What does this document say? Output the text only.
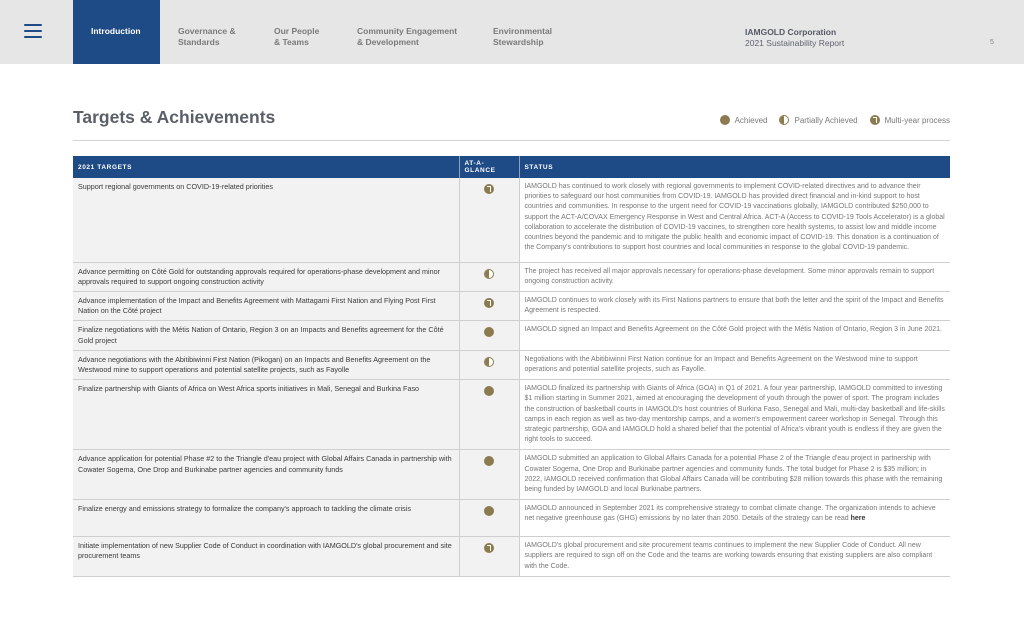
Introduction	Governance &
Standards
Our People
& Teams
Community Engagement
& Development
Environmental
Stewardship
IAMGOLD Corporation
2021 Sustainability Report	5
Targets & Achievements	Achieved	Partially Achieved	Multi-year process
2021 TARGETS	AT-A-GLANCE	STATUS
Support regional governments on COVID-19-related priorities		IAMGOLD has continued to work closely with regional governments to implement COVID-related directives and to advance their priorities to safeguard our host communities from COVID-19. IAMGOLD has provided direct financial and in-kind support to host countries and communities. In response to the urgent need for COVID-19 vaccinations globally, IAMGOLD contributed $250,000 to support the ACT-A/COVAX Emergency Response in West and Central Africa. ACT-A (Access to COVID-19 Tools Accelerator) is a global collaboration to accelerate the distribution of COVID-19 vaccines, to strengthen core health systems, to assist low and middle income countries beyond the pandemic and to mitigate the public health and economic impact of COVID-19. This donation is a continuation of the Company's contributions to support host countries and local communities in response to the global COVID-19 pandemic.
Advance permitting on Côté Gold for outstanding approvals required for operations-phase development and minor approvals required to support ongoing construction activity		The project has received all major approvals necessary for operations-phase development. Some minor approvals remain to support ongoing construction activity.
Advance implementation of the Impact and Benefits Agreement with Mattagami First Nation and Flying Post First Nation on the Côté project		IAMGOLD continues to work closely with its First Nations partners to ensure that both the letter and the spirit of the Impact and Benefits Agreement is respected.
Finalize negotiations with the Métis Nation of Ontario, Region 3 on an Impacts and Benefits agreement for the Côté Gold project		IAMGOLD signed an Impact and Benefits Agreement on the Côté Gold project with the Métis Nation of Ontario, Region 3 in June 2021.
Advance negotiations with the Abitibiwinni First Nation (Pikogan) on an Impacts and Benefits Agreement on the Westwood mine to support operations and potential satellite projects, such as Fayolle		Negotiations with the Abitibiwinni First Nation continue for an Impact and Benefits Agreement on the Westwood mine to support operations and potential satellite projects, such as Fayolle.
Finalize partnership with Giants of Africa on West Africa sports initiatives in Mali, Senegal and Burkina Faso		IAMGOLD finalized its partnership with Giants of Africa (GOA) in Q1 of 2021. A four year partnership, IAMGOLD committed to investing $1 million starting in Summer 2021, aimed at encouraging the development of youth through the power of sport. The program includes the construction of basketball courts in IAMGOLD's host countries of Burkina Faso, Senegal and Mali, multi-day basketball and life-skills camps in each region as well as two-day mentorship camps, and a women's empowerment career workshop in Senegal. Through this strategic partnership, GOA and IAMGOLD hold a shared belief that the potential of Africa's vibrant youth is endless if they are given the right tools to succeed.
Advance application for potential Phase #2 to the Triangle d'eau project with Global Affairs Canada in partnership with Cowater Sogema, One Drop and Burkinabe partner agencies and community funds		IAMGOLD submitted an application to Global Affairs Canada for a potential Phase 2 of the Triangle d'eau project in partnership with Cowater Sogema, One Drop and Burkinabe partner agencies and community funds. The total budget for Phase 2 is $35 million; in 2022, IAMGOLD received confirmation that Global Affairs Canada will be contributing $28 million towards this phase with the remaining being funded by IAMGOLD and local Burkinabe partners.
Finalize energy and emissions strategy to formalize the company's approach to tackling the climate crisis		IAMGOLD announced in September 2021 its comprehensive strategy to combat climate change. The organization intends to achieve net negative greenhouse gas (GHG) emissions by no later than 2050. Details of the strategy can be read here
Initiate implementation of new Supplier Code of Conduct in coordination with IAMGOLD's global procurement and site procurement teams		IAMGOLD's global procurement and site procurement teams continues to implement the new Supplier Code of Conduct. All new suppliers are required to sign off on the Code and the teams are working towards ensuring that existing suppliers are also compliant with the Code.
